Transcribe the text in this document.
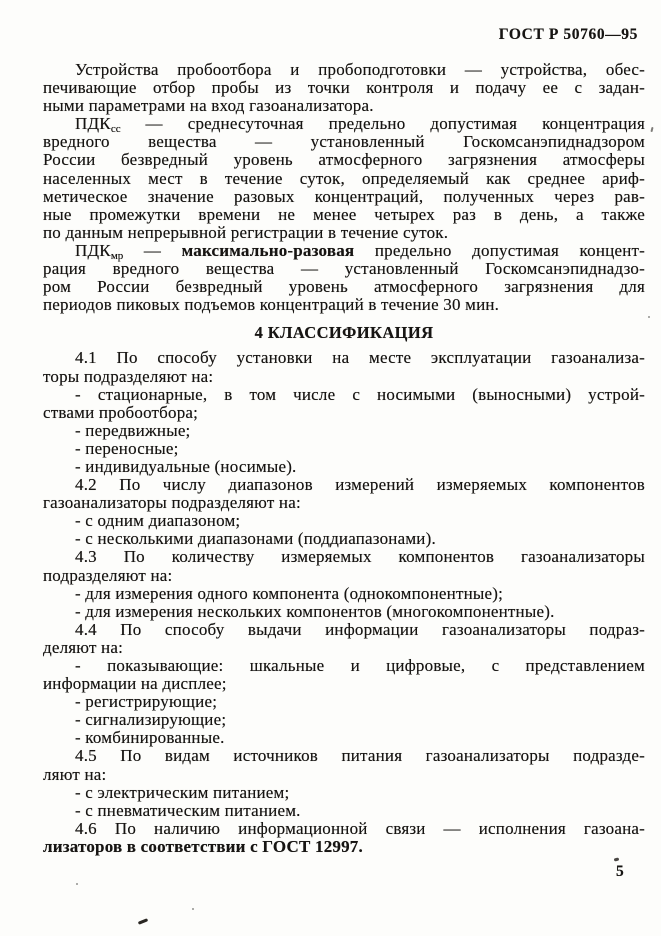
ГОСТ Р 50760—95
Устройства пробоотбора и пробоподготовки — устройства, обес-
печивающие отбор пробы из точки контроля и подачу ее с задан-
ными параметрами на вход газоанализатора.
$ПДК_{сс}$ — среднесуточная предельно допустимая концентрация
вредного вещества — установленный Госкомсанэпиднадзором
России безвредный уровень атмосферного загрязнения атмосферы
населенных мест в течение суток, определяемый как среднее ариф-
метическое значение разовых концентраций, полученных через рав-
ные промежутки времени не менее четырех раз в день, а также
по данным непрерывной регистрации в течение суток.
$ПДК_{мр}$ — максимально-разовая предельно допустимая концент-
рация вредного вещества — установленный Госкомсанэпиднадзо-
ром России безвредный уровень атмосферного загрязнения для
периодов пиковых подъемов концентраций в течение 30 мин.
4 КЛАССИФИКАЦИЯ
4.1 По способу установки на месте эксплуатации газоанализа-
торы подразделяют на:
- стационарные, в том числе с носимыми (выносными) устрой-
ствами пробоотбора;
- передвижные;
- переносные;
- индивидуальные (носимые).
4.2 По числу диапазонов измерений измеряемых компонентов
газоанализаторы подразделяют на:
- с одним диапазоном;
- с несколькими диапазонами (поддиапазонами).
4.3 По количеству измеряемых компонентов газоанализаторы
подразделяют на:
- для измерения одного компонента (однокомпонентные);
- для измерения нескольких компонентов (многокомпонентные).
4.4 По способу выдачи информации газоанализаторы подраз-
деляют на:
- показывающие: шкальные и цифровые, с представлением
информации на дисплее;
- регистрирующие;
- сигнализирующие;
- комбинированные.
4.5 По видам источников питания газоанализаторы подразде-
ляют на:
- с электрическим питанием;
- с пневматическим питанием.
4.6 По наличию информационной связи — исполнения газоана-
лизаторов в соответствии с ГОСТ 12997.
5
